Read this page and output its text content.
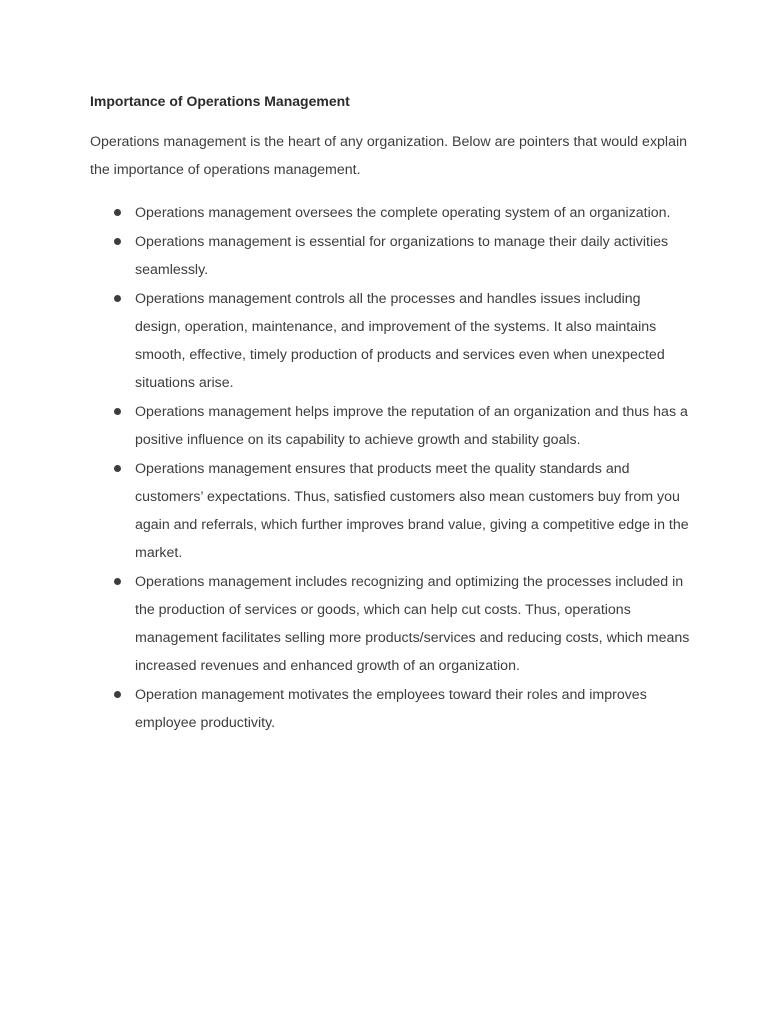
Importance of Operations Management

Operations management is the heart of any organization. Below are pointers that would explain the importance of operations management.

Operations management oversees the complete operating system of an organization.
Operations management is essential for organizations to manage their daily activities seamlessly.
Operations management controls all the processes and handles issues including design, operation, maintenance, and improvement of the systems. It also maintains smooth, effective, timely production of products and services even when unexpected situations arise.
Operations management helps improve the reputation of an organization and thus has a positive influence on its capability to achieve growth and stability goals.
Operations management ensures that products meet the quality standards and customers’ expectations. Thus, satisfied customers also mean customers buy from you again and referrals, which further improves brand value, giving a competitive edge in the market.
Operations management includes recognizing and optimizing the processes included in the production of services or goods, which can help cut costs. Thus, operations management facilitates selling more products/services and reducing costs, which means increased revenues and enhanced growth of an organization.
Operation management motivates the employees toward their roles and improves employee productivity.
